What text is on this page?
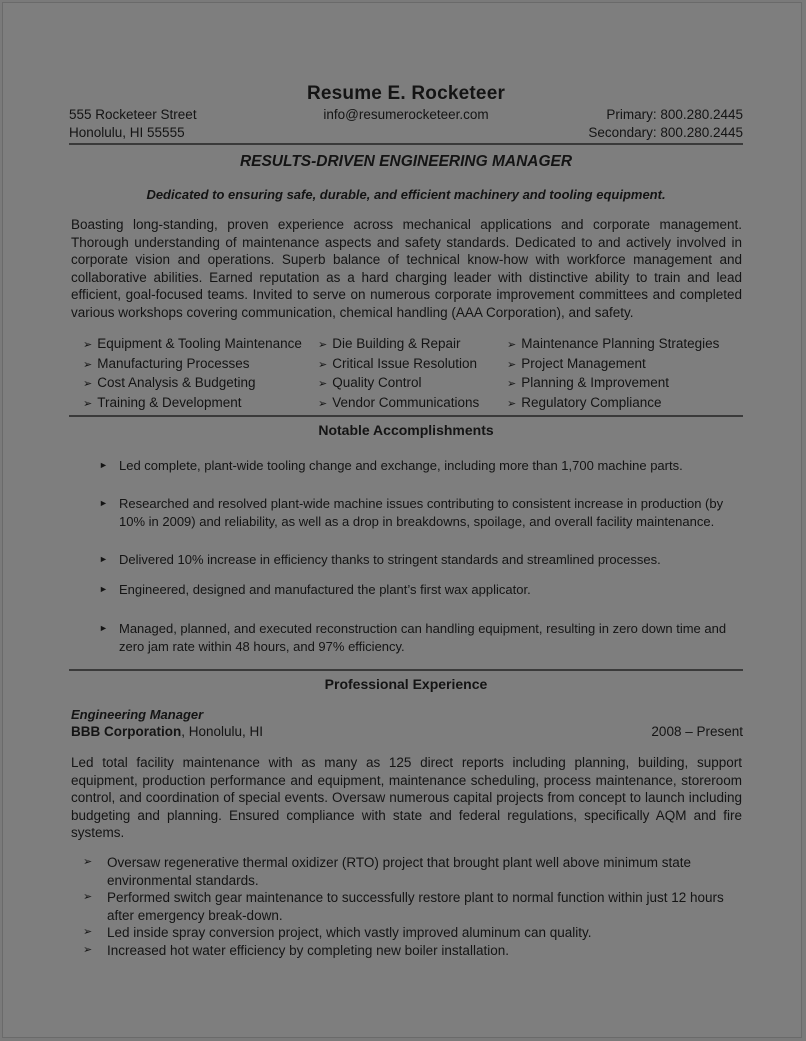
Resume E. Rocketeer
555 Rocketeer Street
Honolulu, HI 55555
info@resumerocketeer.com	Primary: 800.280.2445
Secondary: 800.280.2445
RESULTS-DRIVEN ENGINEERING MANAGER
Dedicated to ensuring safe, durable, and efficient machinery and tooling equipment.
Boasting long-standing, proven experience across mechanical applications and corporate management. Thorough understanding of maintenance aspects and safety standards. Dedicated to and actively involved in corporate vision and operations. Superb balance of technical know-how with workforce management and collaborative abilities. Earned reputation as a hard charging leader with distinctive ability to train and lead efficient, goal-focused teams. Invited to serve on numerous corporate improvement committees and completed various workshops covering communication, chemical handling (AAA Corporation), and safety.
➢ Equipment & Tooling Maintenance
➢ Manufacturing Processes
➢ Cost Analysis & Budgeting
➢ Training & Development
➢ Die Building & Repair
➢ Critical Issue Resolution
➢ Quality Control
➢ Vendor Communications
➢ Maintenance Planning Strategies
➢ Project Management
➢ Planning & Improvement
➢ Regulatory Compliance
Notable Accomplishments
► Led complete, plant-wide tooling change and exchange, including more than 1,700 machine parts.
► Researched and resolved plant-wide machine issues contributing to consistent increase in production (by 10% in 2009) and reliability, as well as a drop in breakdowns, spoilage, and overall facility maintenance.
► Delivered 10% increase in efficiency thanks to stringent standards and streamlined processes.
► Engineered, designed and manufactured the plant’s first wax applicator.
► Managed, planned, and executed reconstruction can handling equipment, resulting in zero down time and zero jam rate within 48 hours, and 97% efficiency.
Professional Experience
Engineering Manager
BBB Corporation, Honolulu, HI	2008 – Present
Led total facility maintenance with as many as 125 direct reports including planning, building, support equipment, production performance and equipment, maintenance scheduling, process maintenance, storeroom control, and coordination of special events. Oversaw numerous capital projects from concept to launch including budgeting and planning. Ensured compliance with state and federal regulations, specifically AQM and fire systems.
➢ Oversaw regenerative thermal oxidizer (RTO) project that brought plant well above minimum state environmental standards.
➢ Performed switch gear maintenance to successfully restore plant to normal function within just 12 hours after emergency break-down.
➢ Led inside spray conversion project, which vastly improved aluminum can quality.
➢ Increased hot water efficiency by completing new boiler installation.
